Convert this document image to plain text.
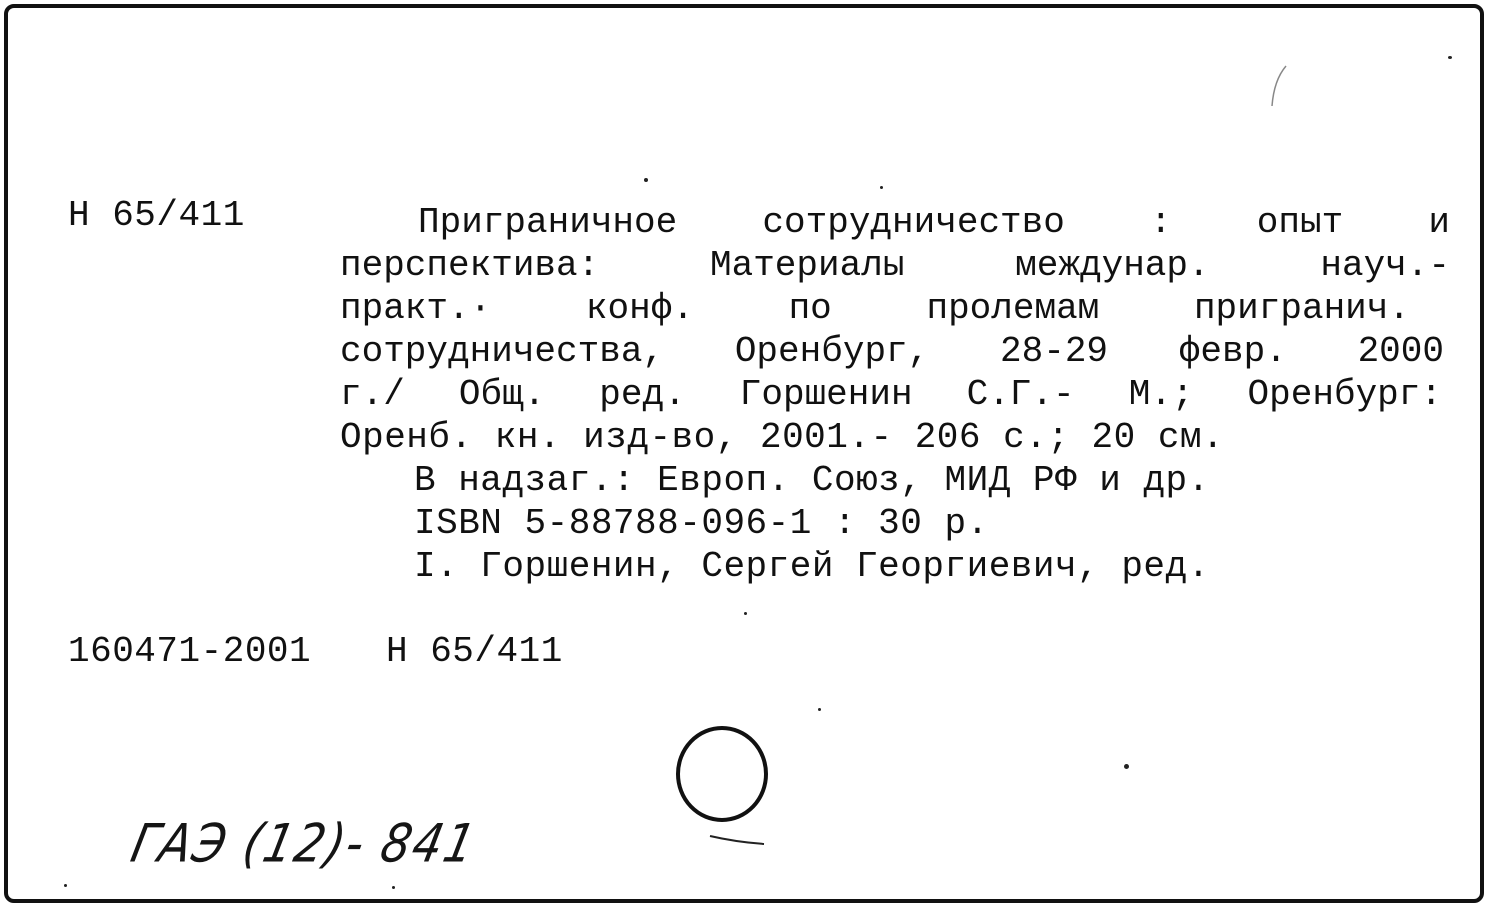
Н 65/411	Приграничное сотрудничество : опыт и
перспектива: Материалы междунар. науч.-
практ.· конф. по пролемам пригранич.
сотрудничества, Оренбург, 28-29 февр. 2000
г./ Общ. ред. Горшенин С.Г.- М.; Оренбург:
Оренб. кн. изд-во, 2001.- 206 с.; 20 см.
В надзаг.: Европ. Союз, МИД РФ и др.
ISBN 5-88788-096-1 : 30 р.
I. Горшенин, Сергей Георгиевич, ред.
160471-2001 Н 65/411
ГАЭ (12)- 841
